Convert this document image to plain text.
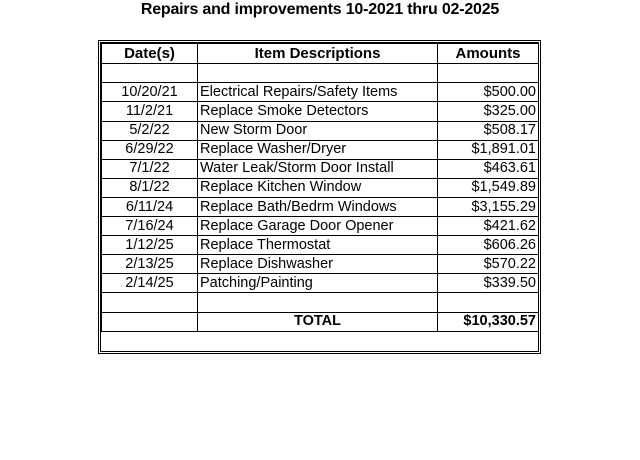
Repairs and improvements 10-2021 thru 02-2025
Date(s)	Item Descriptions	Amounts

10/20/21	Electrical Repairs/Safety Items	$500.00
11/2/21	Replace Smoke Detectors	$325.00
5/2/22	New Storm Door	$508.17
6/29/22	Replace Washer/Dryer	$1,891.01
7/1/22	Water Leak/Storm Door Install	$463.61
8/1/22	Replace Kitchen Window	$1,549.89
6/11/24	Replace Bath/Bedrm Windows	$3,155.29
7/16/24	Replace Garage Door Opener	$421.62
1/12/25	Replace Thermostat	$606.26
2/13/25	Replace Dishwasher	$570.22
2/14/25	Patching/Painting	$339.50

	TOTAL	$10,330.57
